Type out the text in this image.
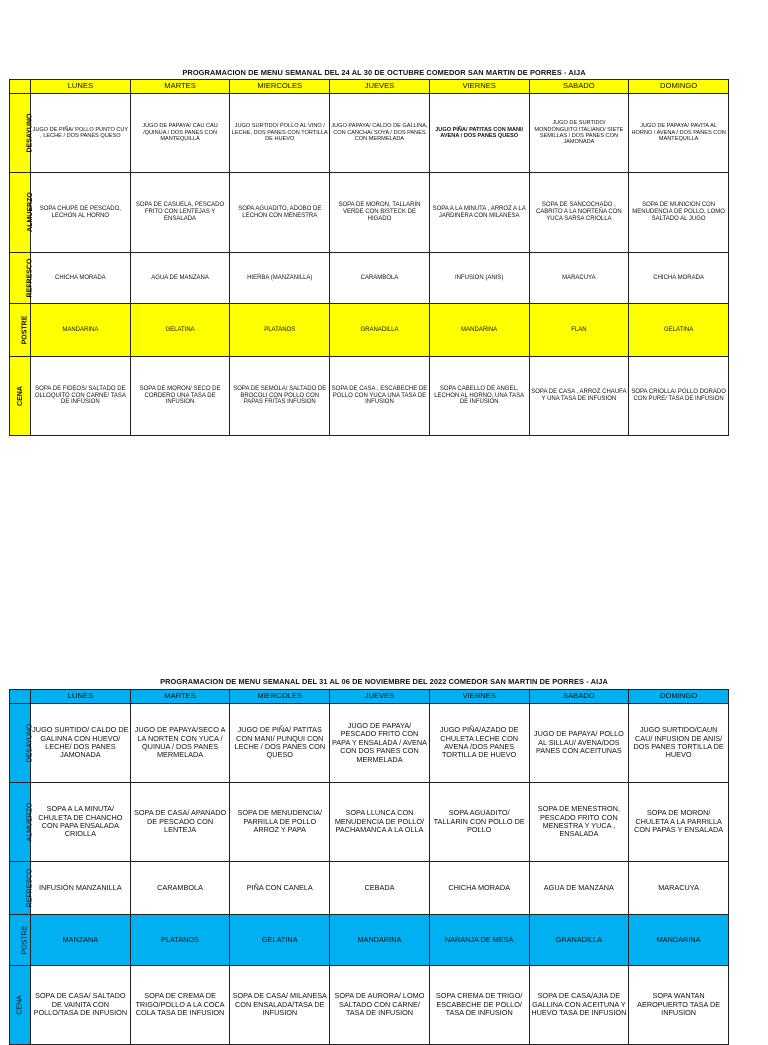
PROGRAMACION DE MENU SEMANAL DEL 24 AL 30 DE OCTUBRE COMEDOR SAN MARTIN DE PORRES - AIJA
	LUNES	MARTES	MIERCOLES	JUEVES	VIERNES	SABADO	DOMINGO
DESAYUNO	JUGO DE PIÑA/ POLLO PUNTO CUY , LECHE / DOS PANES QUESO	JUGO DE PAPAYA/ CAU CAU /QUINUA / DOS PANES CON MANTEQUILLA	JUGO SURTIDO/ POLLO AL VINO / LECHE, DOS PANES CON TORTILLA DE HUEVO	JUGO PAPAYA/ CALDO DE GALLINA, CON CANCHA/ SOYA / DOS PANES CON MERMELADA	JUGO PIÑA/ PATITAS CON MANI/ AVENA / DOS PANES QUESO	JUGO DE SURTIDO/ MONDONGUITO ITALIANO/ SIETE SEMILLAS / DOS PANES CON JAMONADA	JUGO DE PAPAYA/ PAVITA AL HORNO / AVENA / DOS PANES CON MANTEQUILLA
ALMUERZO	SOPA CHUPE DE PESCADO, LECHON AL HORNO	SOPA DE CASUELA, PESCADO FRITO CON LENTEJAS Y ENSALADA	SOPA AGUADITO, ADOBO DE LECHON CON MENESTRA	SOPA DE MORON, TALLARIN VERDE CON BISTECK DE HIGADO	SOPA A LA MINUTA , ARROZ A LA JARDINERA CON MILANESA	SOPA DE SANCOCHADO , CABRITO A LA NORTEÑA CON YUCA SARSA CRIOLLA	SOPA DE MUNICION CON MENUDENCIA DE POLLO, LOMO SALTADO AL JUGO
REFRESCO	CHICHA MORADA	AGUA DE MANZANA	HIERBA (MANZANILLA)	CARAMBOLA	INFUSION (ANIS)	MARACUYA	CHICHA MORADA
POSTRE	MANDARINA	GELATINA	PLATANOS	GRANADILLA	MANDARINA	FLAN	GELATINA
CENA	SOPA DE FIDEOS/ SALTADO DE OLLOQUITO CON CARNE/ TASA DE INFUSION	SOPA DE MORON/ SECO DE CORDERO UNA TASA DE INFUSION	SOPA DE SEMOLA/ SALTADO DE BROCOLI CON POLLO CON PAPAS FRITAS INFUSION	SOPA DE CASA , ESCABECHE DE POLLO CON YUCA UNA TASA DE INFUSION	SOPA CABELLO DE ANGEL, LECHON AL HORNO, UNA TASA DE INFUSION	SOPA DE CASA , ARROZ CHAUFA Y UNA TASA DE INFUSION	SOPA CRIOLLA/ POLLO DORADO CON PURE/ TASA DE INFUSION
PROGRAMACION DE MENU SEMANAL DEL 31 AL 06 DE NOVIEMBRE DEL 2022 COMEDOR SAN MARTIN DE PORRES - AIJA
	LUNES	MARTES	MIERCOLES	JUEVES	VIERNES	SABADO	DOMINGO
DESAYUNO	JUGO SURTIDO/ CALDO DE GALINNA CON HUEVO/ LECHE/ DOS PANES JAMONADA	JUGO DE PAPAYA/SECO A LA NORTEN CON YUCA / QUINUA / DOS PANES MERMELADA	JUGO DE PIÑA/ PATITAS CON MANI/ PUNQUI CON LECHE / DOS PANES CON QUESO	JUGO DE PAPAYA/ PESCADO FRITO CON PAPA Y ENSALADA / AVENA CON DOS PANES CON MERMELADA	JUGO PIÑA/AZADO DE CHULETA LECHE CON AVENA /DOS PANES TORTILLA DE HUEVO	JUGO DE PAPAYA/ POLLO AL SILLAU/ AVENA/DOS PANES CON ACEITUNAS	JUGO SURTIDO/CAUN CAU/ INFUSION DE ANIS/ DOS PANES TORTILLA DE HUEVO
ALMUERZO	SOPA A LA MINUTA/ CHULETA DE CHANCHO CON PAPA ENSALADA CRIOLLA	SOPA DE CASA/ APANADO DE PESCADO CON LENTEJA	SOPA DE MENUDENCIA/ PARRILLA DE POLLO ARROZ Y PAPA	SOPA LLUNCA CON MENUDENCIA DE POLLO/ PACHAMANCA A LA OLLA	SOPA AGUADITO/ TALLARIN CON POLLO DE POLLO	SOPA DE MENESTRON, PESCADO FRITO CON MENESTRA Y YUCA , ENSALADA	SOPA DE MORON/ CHULETA A LA PARRILLA CON PAPAS Y ENSALADA
REFRESCO	INFUSIÓN MANZANILLA	CARAMBOLA	PIÑA CON CANELA	CEBADA	CHICHA MORADA	AGUA DE MANZANA	MARACUYA
POSTRE	MANZANA	PLATANOS	GELATINA	MANDARINA	NARANJA DE MESA	GRANADILLA	MANDARINA
CENA	SOPA DE CASA/ SALTADO DE VAINITA CON POLLO/TASA DE INFUSION	SOPA DE CREMA DE TRIGO/POLLO A LA COCA COLA TASA DE INFUSION	SOPA DE CASA/ MILANESA CON ENSALADA/TASA DE INFUSION	SOPA DE AURORA/ LOMO SALTADO CON CARNE/ TASA DE INFUSION	SOPA CREMA DE TRIGO/ ESCABECHE DE POLLO/ TASA DE INFUSION	SOPA DE CASA/AJIA DE GALLINA CON ACEITUNA Y HUEVO TASA DE INFUSION	SOPA WANTAN AEROPUERTO TASA DE INFUSION
